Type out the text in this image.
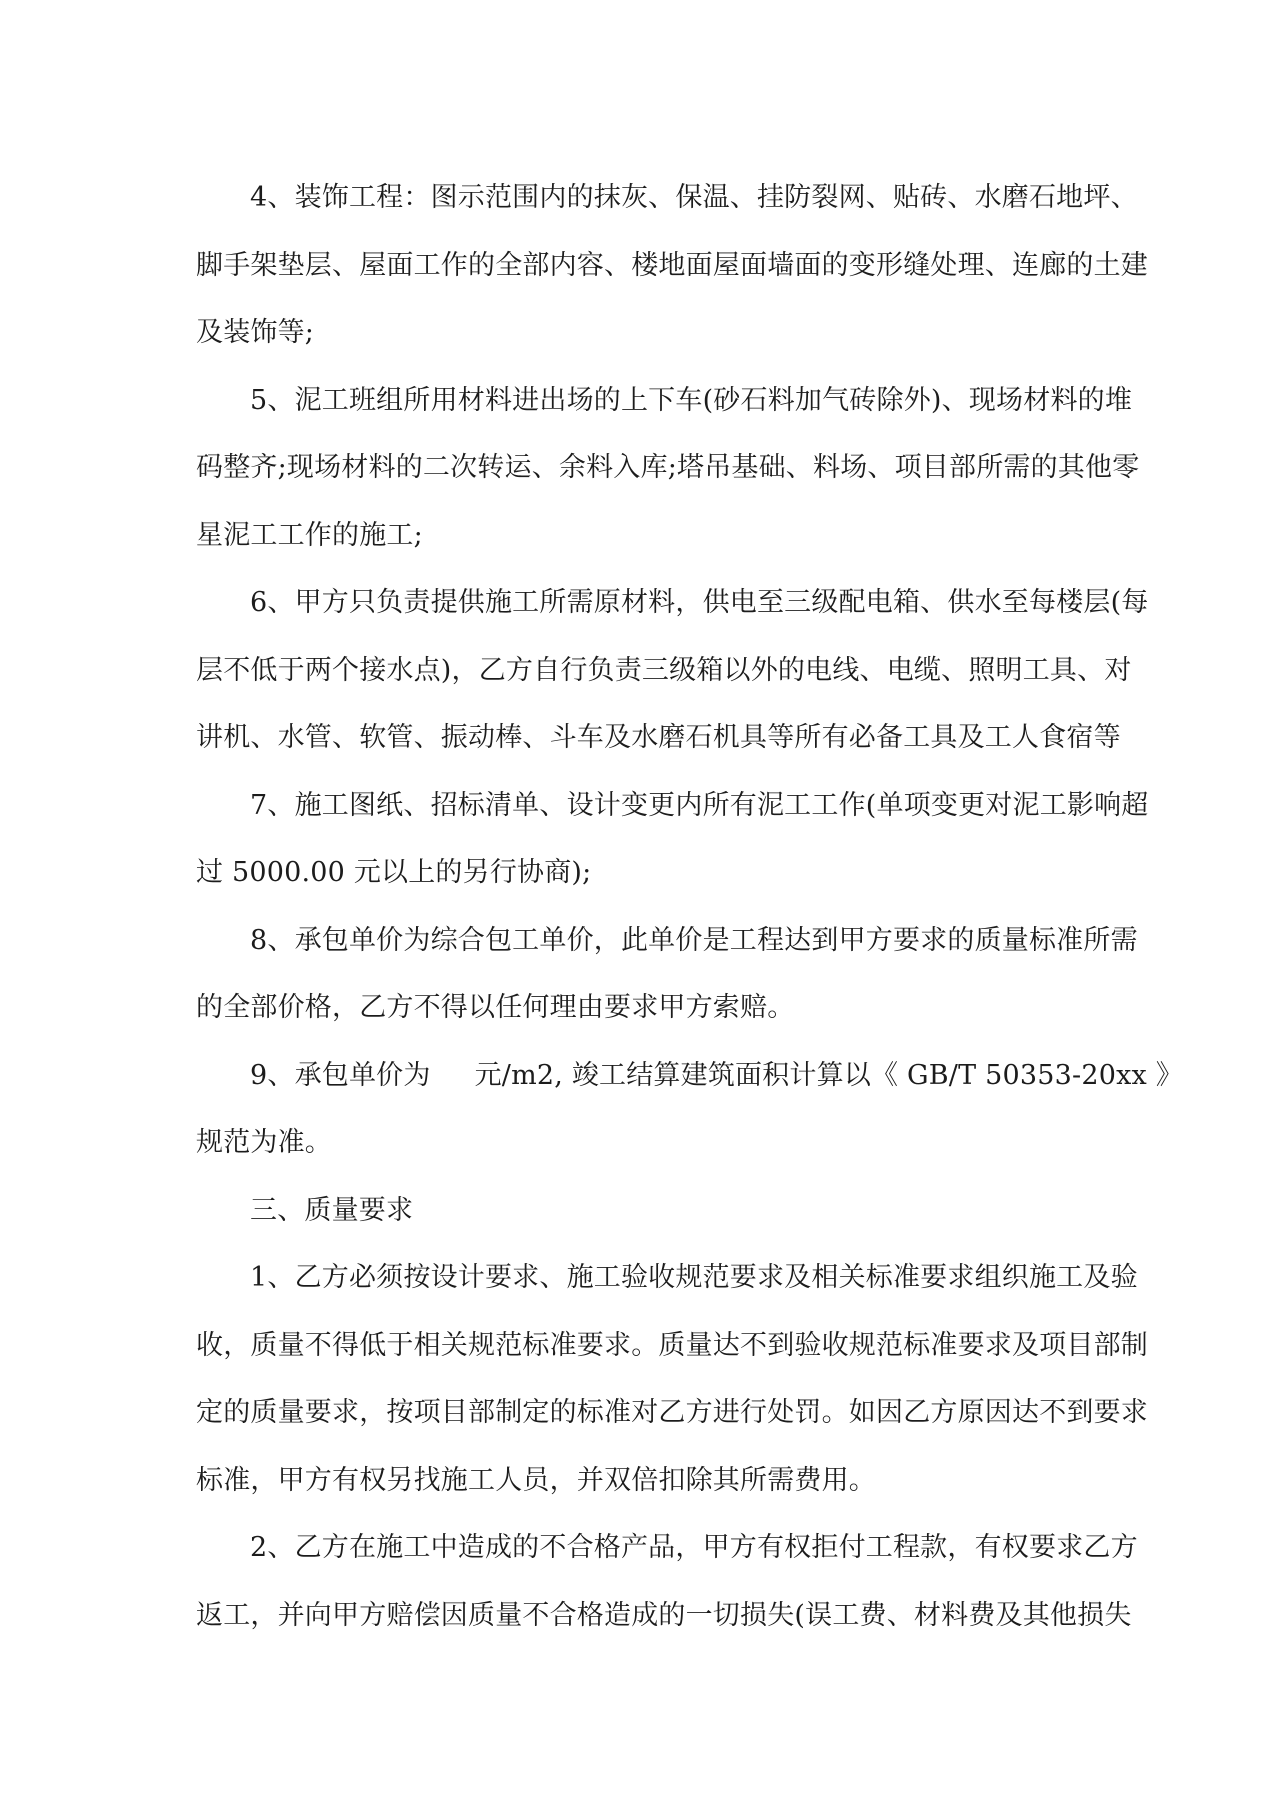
4、装饰工程：图示范围内的抹灰、保温、挂防裂网、贴砖、水磨石地坪、
脚手架垫层、屋面工作的全部内容、楼地面屋面墙面的变形缝处理、连廊的土建
及装饰等;
5、泥工班组所用材料进出场的上下车(砂石料加气砖除外)、现场材料的堆
码整齐;现场材料的二次转运、余料入库;塔吊基础、料场、项目部所需的其他零
星泥工工作的施工;
6、甲方只负责提供施工所需原材料，供电至三级配电箱、供水至每楼层(每
层不低于两个接水点)，乙方自行负责三级箱以外的电线、电缆、照明工具、对
讲机、水管、软管、振动棒、斗车及水磨石机具等所有必备工具及工人食宿等
7、施工图纸、招标清单、设计变更内所有泥工工作(单项变更对泥工影响超
过 5000.00 元以上的另行协商);
8、承包单价为综合包工单价，此单价是工程达到甲方要求的质量标准所需
的全部价格，乙方不得以任何理由要求甲方索赔。
9、承包单价为 元/m2, 竣工结算建筑面积计算以《 GB/T 50353-20xx 》
规范为准。
三、质量要求
1、乙方必须按设计要求、施工验收规范要求及相关标准要求组织施工及验
收，质量不得低于相关规范标准要求。质量达不到验收规范标准要求及项目部制
定的质量要求，按项目部制定的标准对乙方进行处罚。如因乙方原因达不到要求
标准，甲方有权另找施工人员，并双倍扣除其所需费用。
2、乙方在施工中造成的不合格产品，甲方有权拒付工程款，有权要求乙方
返工，并向甲方赔偿因质量不合格造成的一切损失(误工费、材料费及其他损失
